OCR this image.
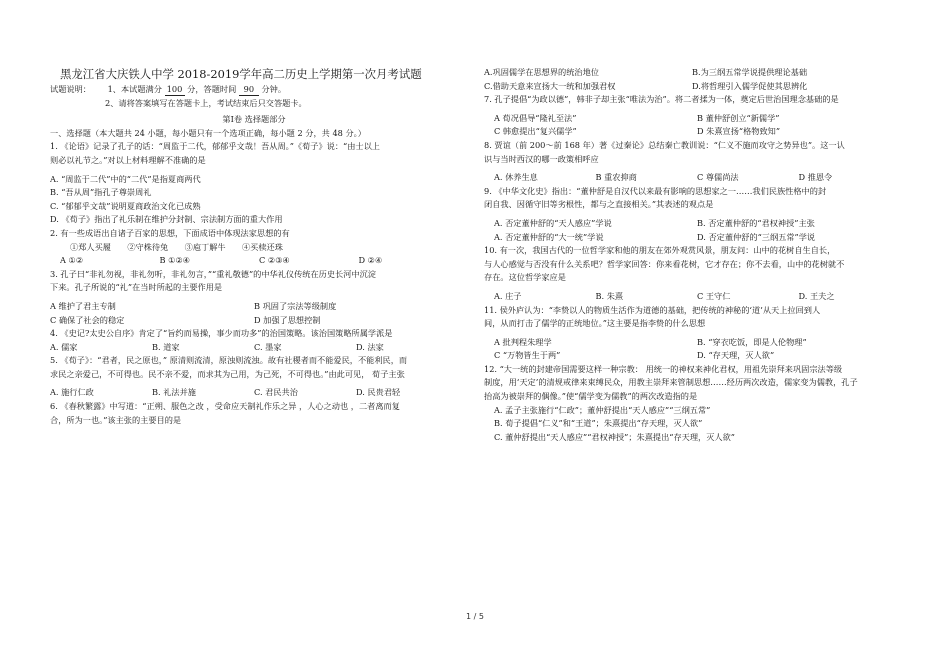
黑龙江省大庆铁人中学 2018-2019学年高二历史上学期第一次月考试题
试题说明： 1、本试题满分 100 分，答题时间 90 分钟。
2、请将答案填写在答题卡上，考试结束后只交答题卡。
第Ⅰ卷 选择题部分
一、选择题（本大题共 24 小题，每小题只有一个选项正确，每小题 2 分，共 48 分。）
1. 《论语》记录了孔子的话：“周监于二代，郁郁乎文哉！吾从周。”《荀子》说：“由士以上
则必以礼节之。”对以上材料理解不准确的是
A. “周监于二代”中的“二代”是指夏商两代
B. “吾从周”指孔子尊崇周礼
C. “郁郁乎文哉”说明夏商政治文化已成熟
D. 《荀子》指出了礼乐制在维护分封制、宗法制方面的重大作用
2. 有一些成语出自诸子百家的思想，下面成语中体现法家思想的有
①郑人买履　　②守株待兔　　③庖丁解牛　　④买椟还珠
A ①②	B ①②④	C ②③④	D ②④
3. 孔子曰“非礼勿视，非礼勿听，非礼勿言，”“重礼敬德”的中华礼仪传统在历史长河中沉淀
下来。孔子所说的“礼”在当时所起的主要作用是
A 维护了君主专制	B 巩固了宗法等级制度
C 确保了社会的稳定	D 加强了思想控制
4. 《史记?太史公自序》肯定了“旨约而易操，事少而功多”的治国策略。该治国策略所属学派是
A. 儒家	B. 道家	C. 墨家	D. 法家
5. 《荀子》：“君者，民之原也，” 原清则流清，原浊则流浊。故有社稷者而不能爱民，不能利民，而
求民之亲爱己，不可得也。民不亲不爱，而求其为己用，为己死，不可得也。”由此可见， 荀子主张
A. 施行仁政	B. 礼法并施	C. 君民共治	D. 民贵君轻
6. 《春秋繁露》中写道：“正朔、服色之改 ，受命应天制礼作乐之异 ，人心之动也 ，二者离而复
合，所为一也。”该主张的主要目的是
A.巩固儒学在思想界的统治地位	B.为三纲五常学说提供理论基础
C.借助天意来宣扬大一统和加强君权	D.将哲理引入儒学促使其思辨化
7. 孔子提倡“为政以德”，韩非子却主张“唯法为治”。将二者揉为一体，奠定后世治国理念基础的是
A 荀况倡导“隆礼至法”	B 董仲舒创立“新儒学”
C 韩愈提出“复兴儒学”	D 朱熹宣扬“格物致知”
8. 贾谊（前 200～前 168 年）著《过秦论》总结秦亡教训说：“仁义不施而攻守之势异也”。这一认
识与当时西汉的哪一政策相呼应
A. 休养生息	B 重农抑商	C 尊儒尚法	D 推恩令
9. 《中华文化史》指出：“董仲舒是自汉代以来最有影响的思想家之一……我们民族性格中的封
闭自我、因循守旧等劣根性，都与之直接相关。”其表述的观点是
A. 否定董仲舒的“天人感应”学说	B. 否定董仲舒的“君权神授”主张
A. 否定董仲舒的“大一统”学说	D. 否定董仲舒的“三纲五常”学说
10. 有一次，我国古代的一位哲学家和他的朋友在郊外观赏风景，朋友问：山中的花树自生自长，
与人心感觉与否没有什么关系吧？哲学家回答：你来看花树，它才存在；你不去看，山中的花树就不
存在。这位哲学家应是
A. 庄子	B. 朱熹	C 王守仁	D. 王夫之
11. 侯外庐认为：“李贽以人的物质生活作为道德的基础，把传统的神秘的‘道’从天上拉回到人
间，从而打击了儒学的正统地位。”这主要是指李贽的什么思想
A 批判程朱理学	B. “穿衣吃饭，即是人伦物理”
C “万物皆生于两”	D. “存天理，灭人欲”
12. “大一统的封建帝国需要这样一种宗教： 用统一的神权来神化君权，用祖先崇拜来巩固宗法等级
制度，用‘天定’的清规戒律来束缚民众，用教主崇拜来管制思想……经历两次改造，儒家变为儒教，孔子
抬高为被崇拜的偶像。”使“儒学变为儒教”的两次改造指的是
A. 孟子主张施行“仁政”；董仲舒提出“天人感应”“三纲五常”
B. 荀子提倡“仁义”和“王道”；朱熹提出“存天理，灭人欲”
C. 董仲舒提出“天人感应”“君权神授”；朱熹提出“存天理，灭人欲”
1 / 5
